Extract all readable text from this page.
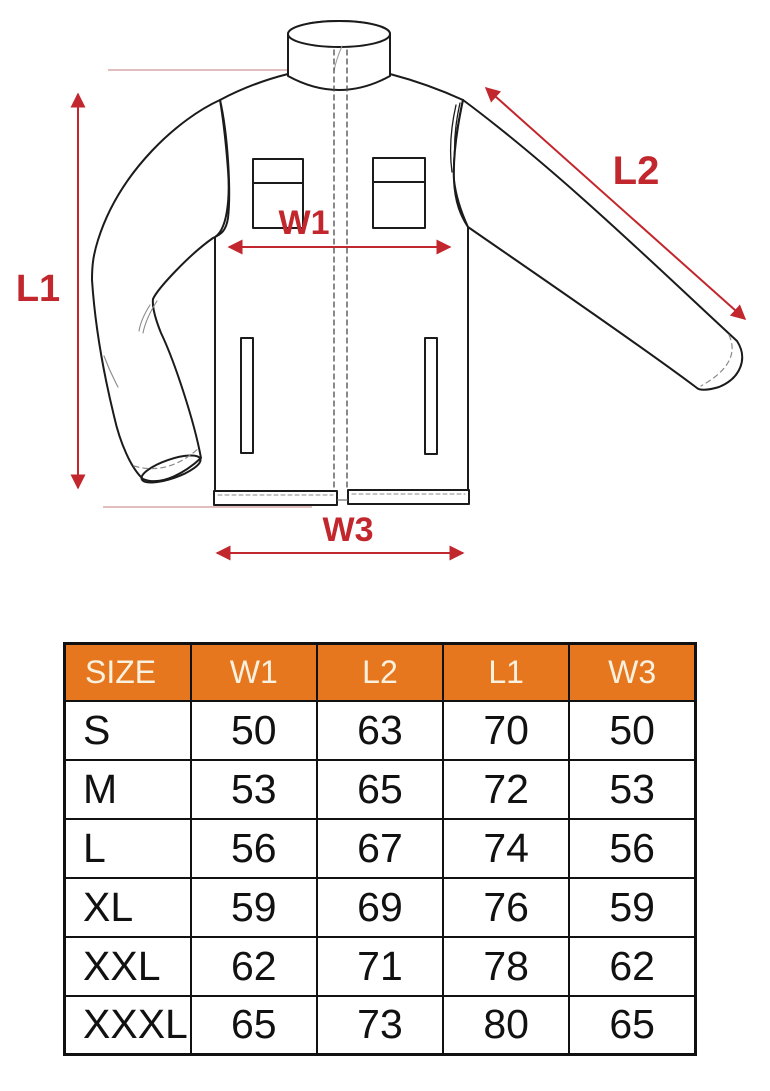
L1
L2
W1
W3
SIZE	W1	L2	L1	W3
S	50	63	70	50
M	53	65	72	53
L	56	67	74	56
XL	59	69	76	59
XXL	62	71	78	62
XXXL	65	73	80	65
